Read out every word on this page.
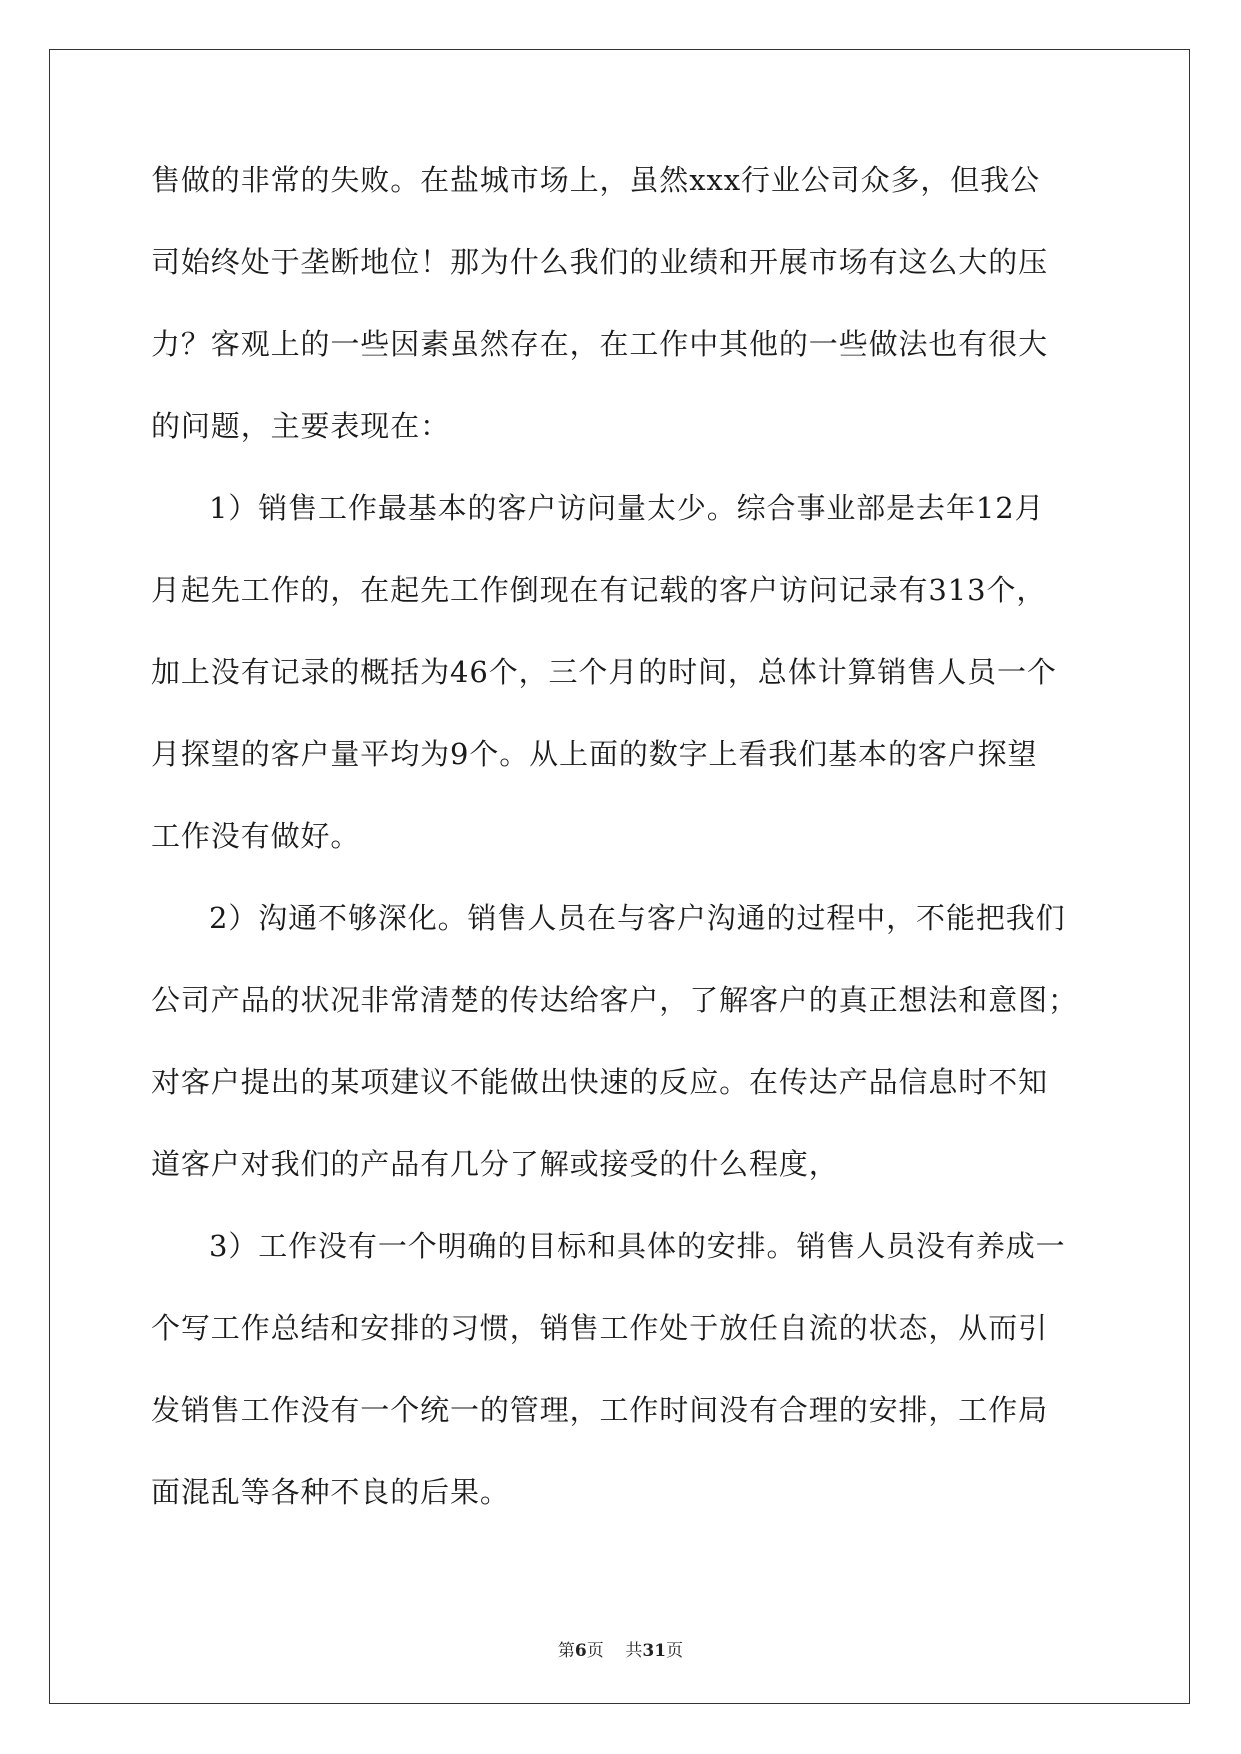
售做的非常的失败。在盐城市场上，虽然xxx行业公司众多，但我公
司始终处于垄断地位！那为什么我们的业绩和开展市场有这么大的压
力？客观上的一些因素虽然存在，在工作中其他的一些做法也有很大
的问题，主要表现在：
1）销售工作最基本的客户访问量太少。综合事业部是去年12月
月起先工作的，在起先工作倒现在有记载的客户访问记录有313个，
加上没有记录的概括为46个，三个月的时间，总体计算销售人员一个
月探望的客户量平均为9个。从上面的数字上看我们基本的客户探望
工作没有做好。
2）沟通不够深化。销售人员在与客户沟通的过程中，不能把我们
公司产品的状况非常清楚的传达给客户，了解客户的真正想法和意图；
对客户提出的某项建议不能做出快速的反应。在传达产品信息时不知
道客户对我们的产品有几分了解或接受的什么程度，
3）工作没有一个明确的目标和具体的安排。销售人员没有养成一
个写工作总结和安排的习惯，销售工作处于放任自流的状态，从而引
发销售工作没有一个统一的管理，工作时间没有合理的安排，工作局
面混乱等各种不良的后果。
第6页 共31页
